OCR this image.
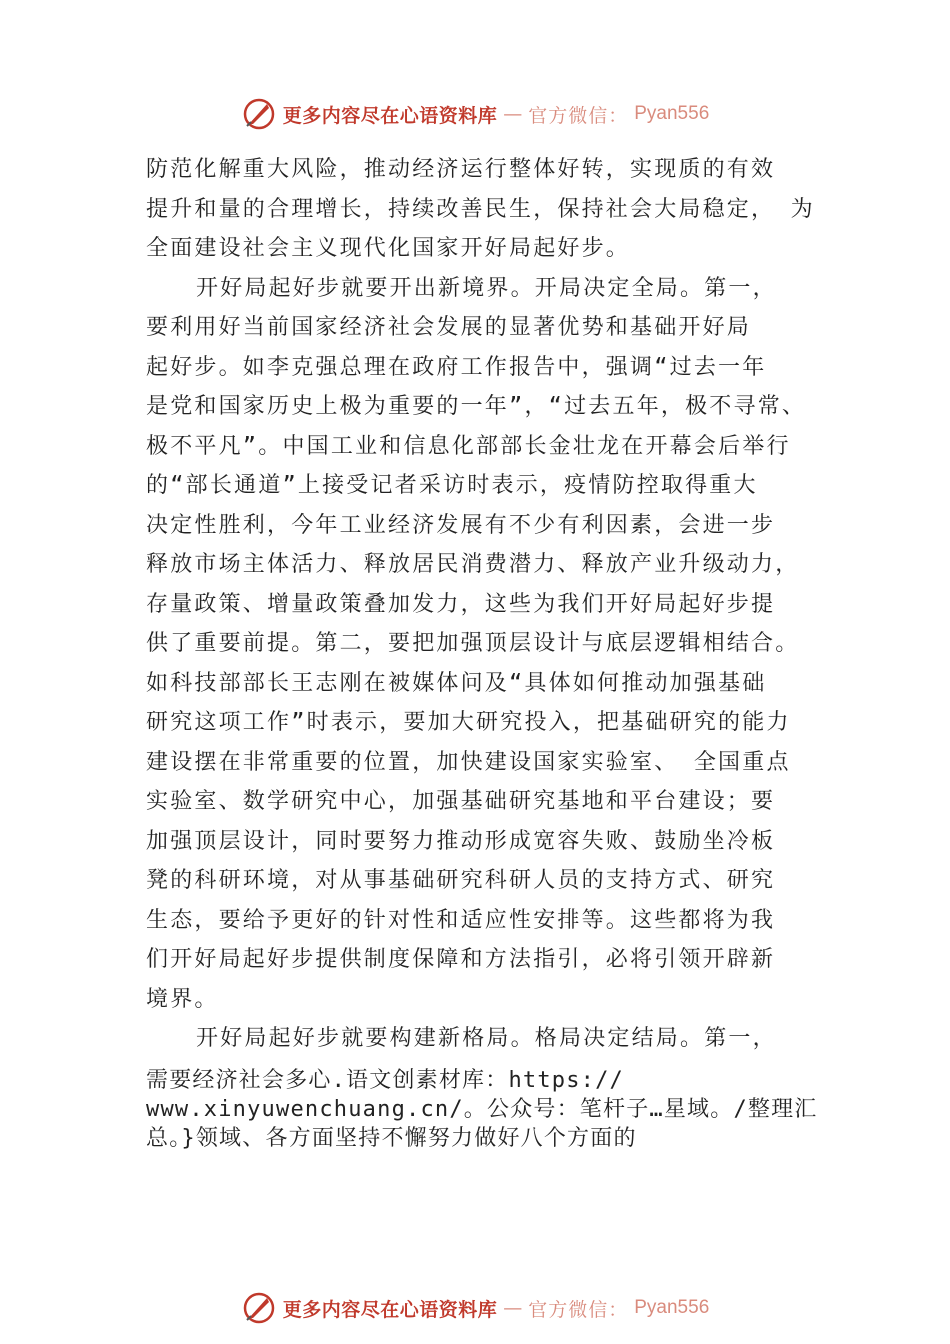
更多内容尽在心语资料库 — 官方微信： Pyan556
防范化解重大风险，推动经济运行整体好转，实现质的有效
提升和量的合理增长，持续改善民生，保持社会大局稳定， 为
全面建设社会主义现代化国家开好局起好步。
开好局起好步就要开出新境界。开局决定全局。第一，
要利用好当前国家经济社会发展的显著优势和基础开好局
起好步。如李克强总理在政府工作报告中，强调“过去一年
是党和国家历史上极为重要的一年”，“过去五年，极不寻常、
极不平凡”。中国工业和信息化部部长金壮龙在开幕会后举行
的“部长通道”上接受记者采访时表示，疫情防控取得重大
决定性胜利，今年工业经济发展有不少有利因素，会进一步
释放市场主体活力、释放居民消费潜力、释放产业升级动力，
存量政策、增量政策叠加发力，这些为我们开好局起好步提
供了重要前提。第二，要把加强顶层设计与底层逻辑相结合。
如科技部部长王志刚在被媒体问及“具体如何推动加强基础
研究这项工作”时表示，要加大研究投入，把基础研究的能力
建设摆在非常重要的位置，加快建设国家实验室、 全国重点
实验室、数学研究中心，加强基础研究基地和平台建设；要
加强顶层设计，同时要努力推动形成宽容失败、鼓励坐冷板
凳的科研环境，对从事基础研究科研人员的支持方式、研究
生态，要给予更好的针对性和适应性安排等。这些都将为我
们开好局起好步提供制度保障和方法指引，必将引领开辟新
境界。
开好局起好步就要构建新格局。格局决定结局。第一，
需要经济社会多心.语文创素材库：https://
www.xinyuwenchuang.cn/。公众号：笔杆子…星域。/整理汇
总。}领域、各方面坚持不懈努力做好八个方面的
更多内容尽在心语资料库 — 官方微信： Pyan556
